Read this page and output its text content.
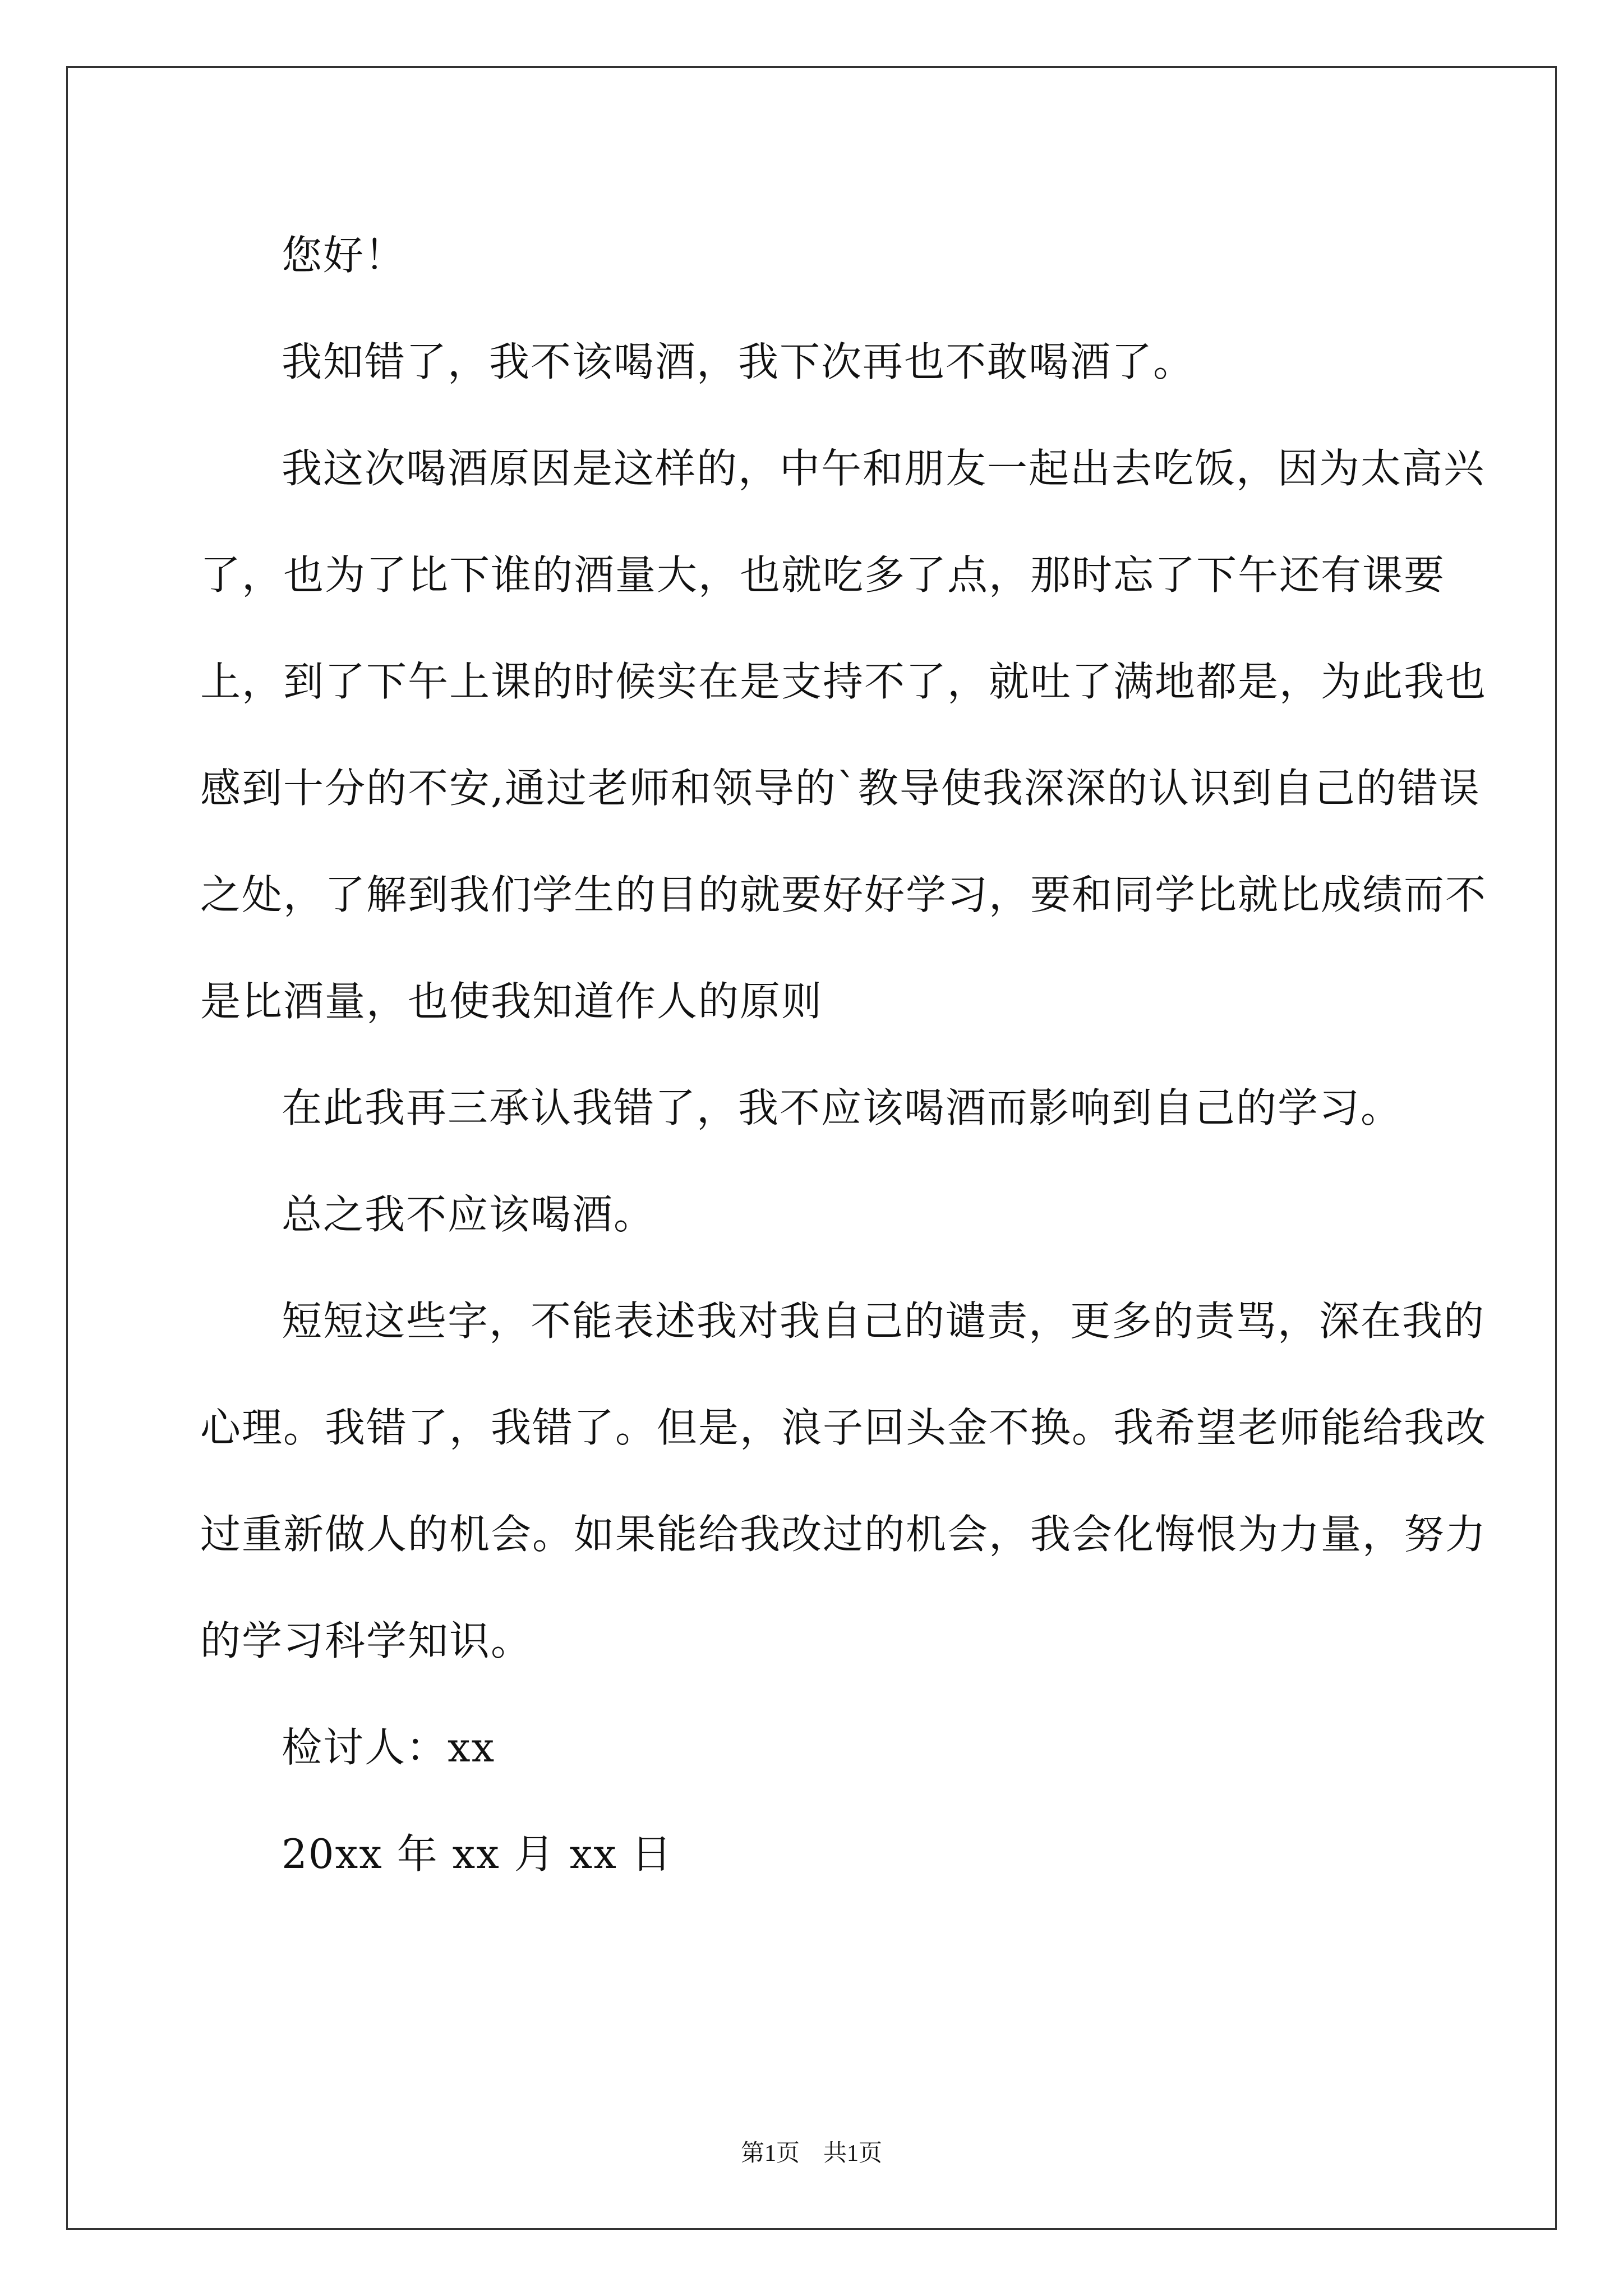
您好！

我知错了，我不该喝酒，我下次再也不敢喝酒了。

我这次喝酒原因是这样的，中午和朋友一起出去吃饭，因为太高兴了，也为了比下谁的酒量大，也就吃多了点，那时忘了下午还有课要上，到了下午上课的时候实在是支持不了，就吐了满地都是，为此我也感到十分的不安,通过老师和领导的`教导使我深深的认识到自己的错误之处，了解到我们学生的目的就要好好学习，要和同学比就比成绩而不是比酒量，也使我知道作人的原则

在此我再三承认我错了，我不应该喝酒而影响到自己的学习。

总之我不应该喝酒。

短短这些字，不能表述我对我自己的谴责，更多的责骂，深在我的心理。我错了，我错了。但是，浪子回头金不换。我希望老师能给我改过重新做人的机会。如果能给我改过的机会，我会化悔恨为力量，努力的学习科学知识。

检讨人：xx

20xx 年 xx 月 xx 日

第1页　共1页
